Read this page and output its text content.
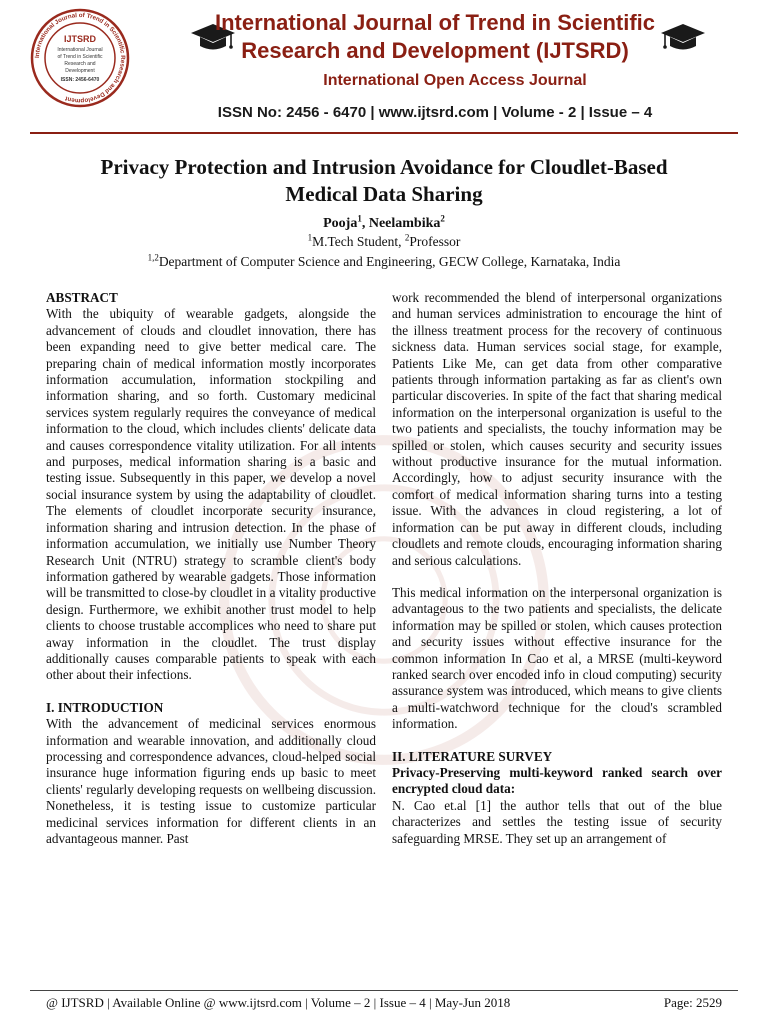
International Journal of Trend in Scientific Research and Development
IJTSRD
International Journal
of Trend in Scientific
Research and
Development
ISSN: 2456-6470
International Journal of Trend in Scientific
Research and Development (IJTSRD)
International Open Access Journal
ISSN No: 2456 - 6470 | www.ijtsrd.com | Volume - 2 | Issue – 4
Privacy Protection and Intrusion Avoidance for Cloudlet-Based
Medical Data Sharing
Pooja$^1$, Neelambika$^2$
$^1$M.Tech Student, $^2$Professor
$^{1,2}$Department of Computer Science and Engineering, GECW College, Karnataka, India
ABSTRACT

With the ubiquity of wearable gadgets, alongside the advancement of clouds and cloudlet innovation, there has been expanding need to give better medical care. The preparing chain of medical information mostly incorporates information accumulation, information stockpiling and information sharing, and so forth. Customary medicinal services system regularly requires the conveyance of medical information to the cloud, which includes clients' delicate data and causes correspondence vitality utilization. For all intents and purposes, medical information sharing is a basic and testing issue. Subsequently in this paper, we develop a novel social insurance system by using the adaptability of cloudlet. The elements of cloudlet incorporate security insurance, information sharing and intrusion detection. In the phase of information accumulation, we initially use Number Theory Research Unit (NTRU) strategy to scramble client's body information gathered by wearable gadgets. Those information will be transmitted to close-by cloudlet in a vitality productive design. Furthermore, we exhibit another trust model to help clients to choose trustable accomplices who need to share put away information in the cloudlet. The trust display additionally causes comparable patients to speak with each other about their infections.

I. INTRODUCTION

With the advancement of medicinal services enormous information and wearable innovation, and additionally cloud processing and correspondence advances, cloud-helped social insurance huge information figuring ends up basic to meet clients' regularly developing requests on wellbeing discussion. Nonetheless, it is testing issue to customize particular medicinal services information for different clients in an advantageous manner. Past

work recommended the blend of interpersonal organizations and human services administration to encourage the hint of the illness treatment process for the recovery of continuous sickness data. Human services social stage, for example, Patients Like Me, can get data from other comparative patients through information partaking as far as client's own particular discoveries. In spite of the fact that sharing medical information on the interpersonal organization is useful to the two patients and specialists, the touchy information may be spilled or stolen, which causes security and security issues without productive insurance for the mutual information. Accordingly, how to adjust security insurance with the comfort of medical information sharing turns into a testing issue. With the advances in cloud registering, a lot of information can be put away in different clouds, including cloudlets and remote clouds, encouraging information sharing and serious calculations.

This medical information on the interpersonal organization is advantageous to the two patients and specialists, the delicate information may be spilled or stolen, which causes protection and security issues without effective insurance for the common information In Cao et al, a MRSE (multi-keyword ranked search over encoded info in cloud computing) security assurance system was introduced, which means to give clients a multi-watchword technique for the cloud's scrambled information.

II. LITERATURE SURVEY

Privacy-Preserving multi-keyword ranked search over encrypted cloud data:

N. Cao et.al [1] the author tells that out of the blue characterizes and settles the testing issue of security safeguarding MRSE. They set up an arrangement of

@ IJTSRD | Available Online @ www.ijtsrd.com | Volume – 2 | Issue – 4 | May-Jun 2018	Page: 2529
